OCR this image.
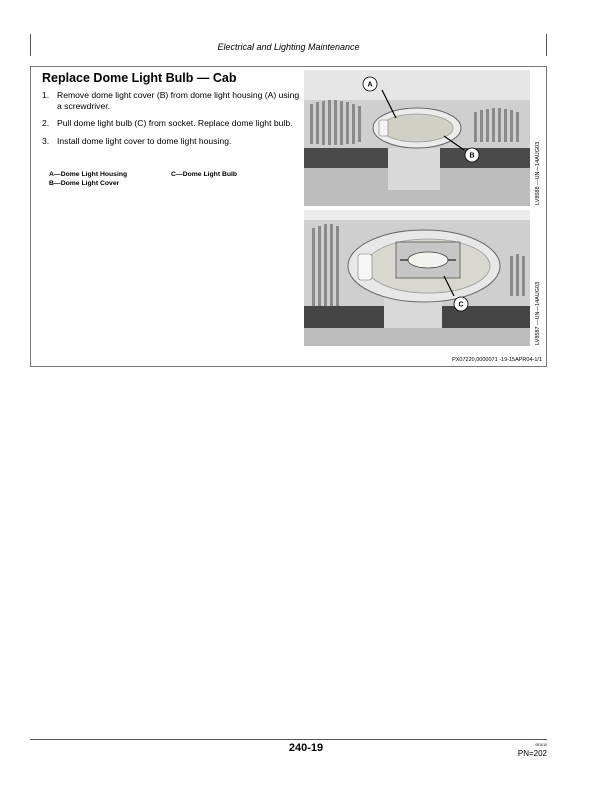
Electrical and Lighting Maintenance
Replace Dome Light Bulb — Cab
1. Remove dome light cover (B) from dome light housing (A) using a screwdriver.
2. Pull dome light bulb (C) from socket. Replace dome light bulb.
3. Install dome light cover to dome light housing.
A—Dome Light Housing	C—Dome Light Bulb
B—Dome Light Cover
A
B	LV8588 —UN—14AUG03
C	LV8587 —UN—14AUG03
PX07220,0000071 -19-15APR04-1/1
240-19	081010
PN=202
